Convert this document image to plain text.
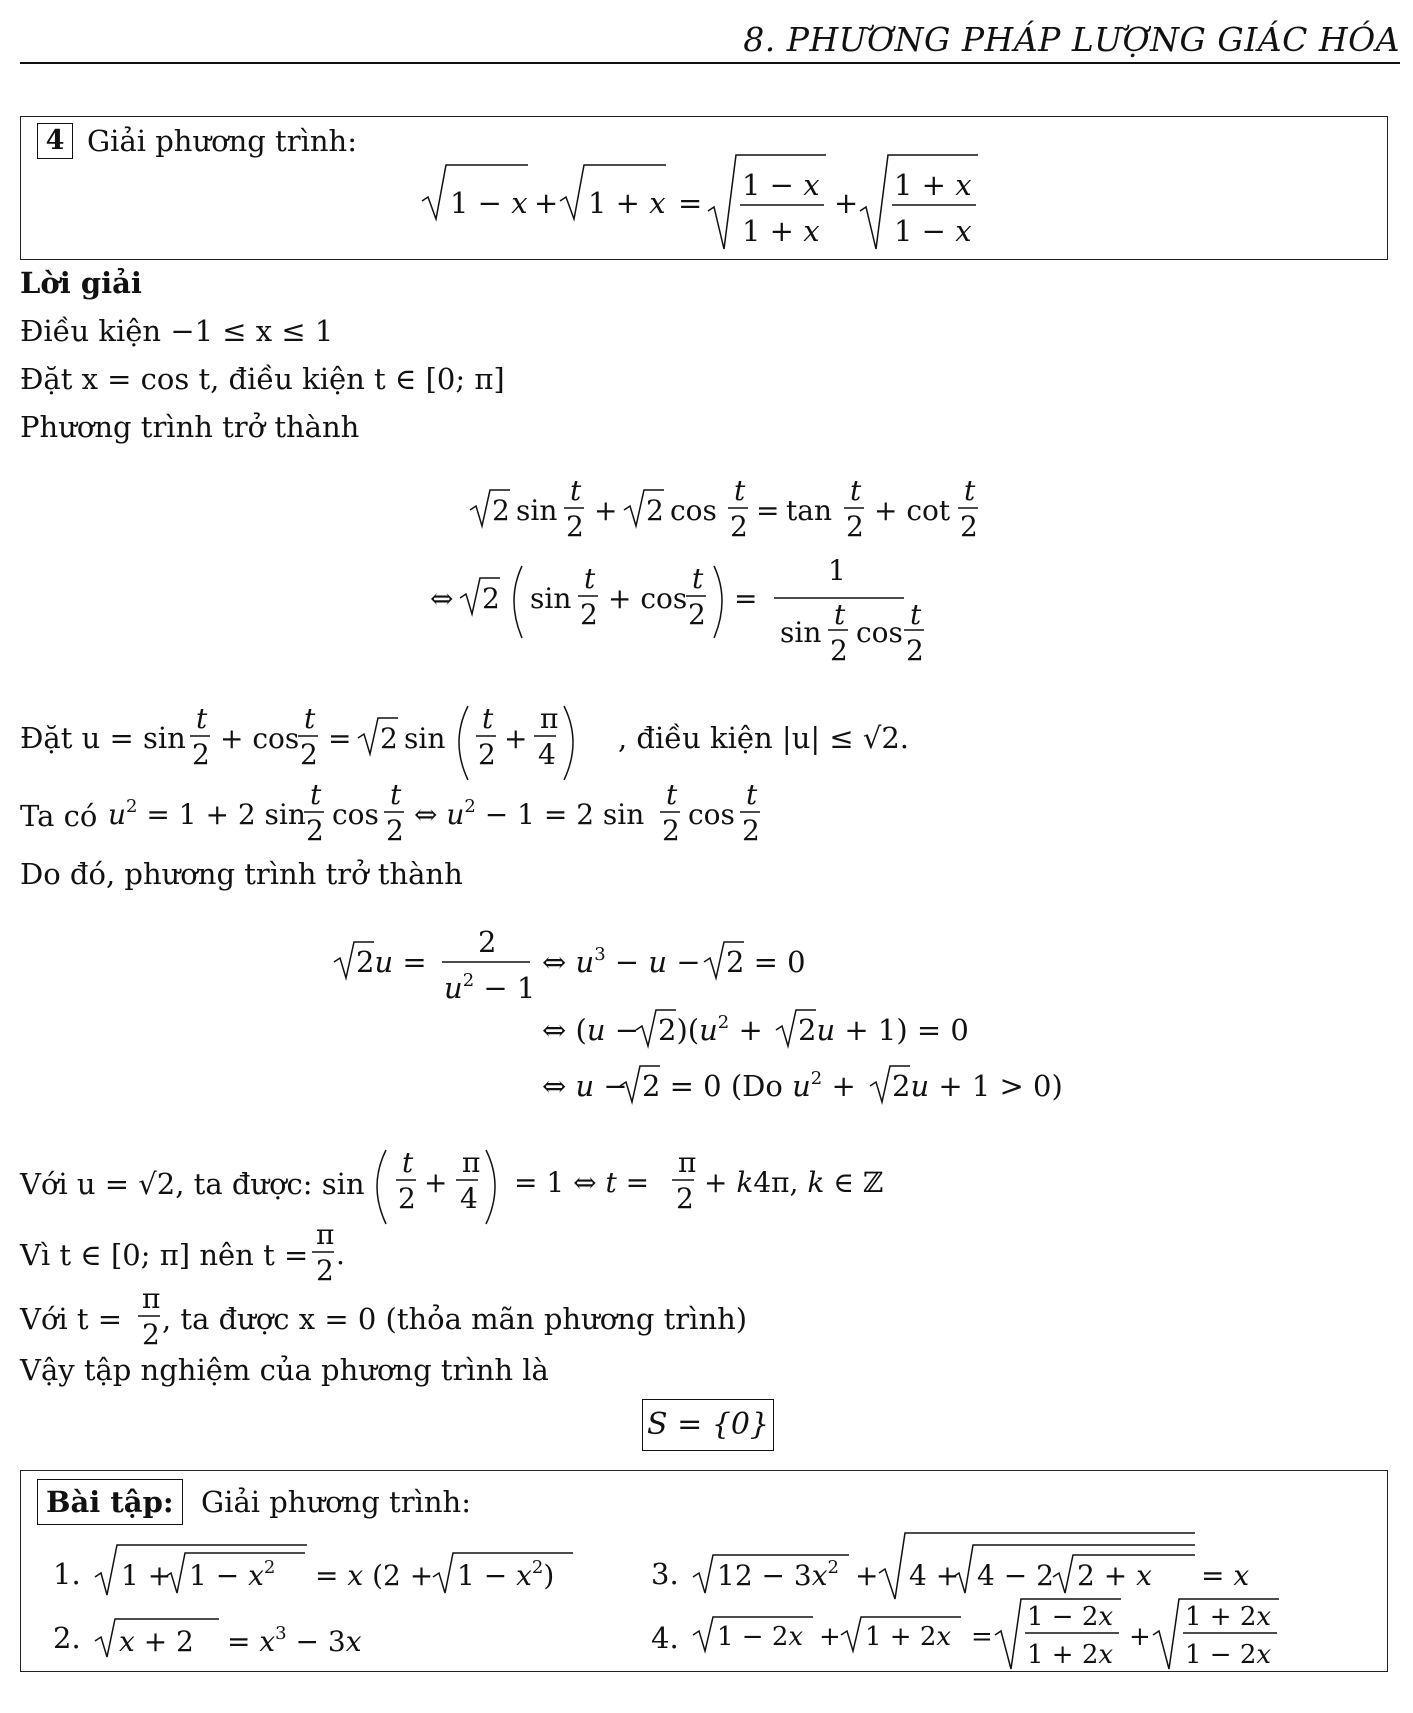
8. PHƯƠNG PHÁP LƯỢNG GIÁC HÓA
4 Giải phương trình:
1 − x + 1 + x =
1 − x
1 + x
+
1 + x
1 − x
Lời giải
Điều kiện −1 ≤ x ≤ 1
Đặt x = cos t, điều kiện t ∈ [0; π]
Phương trình trở thành
2 sin
t
2 + 2 cos
t
2 = tan
t
2 + cot
t
2
⇔ 2 sin
t
2 + cos
t
2 =
1
sin
t
2
cos
t
2
Đặt u = sin
t
2 + cos
t
2 = 2 sin
t
2 +
π
4 , điều kiện |u| ≤ √2.
Ta có $u^2 = 1 + 2$ sin
t
2 cos
t
2 ⇔ $u^2 - 1 = 2$ sin
t
2 cos
t
2
Do đó, phương trình trở thành
2u =
2
$u^2 - 1$
⇔ $u^3 - u - 2 = 0$
⇔ $(u - 2)(u^2 + 2u + 1) = 0$
⇔ u − 2 = 0 (Do $u^2 + 2u + 1 > 0$)
Với u = √2, ta được: sin
t
2 +
π
4 = 1 ⇔ t =
π
2 + k4π, k ∈ ℤ
Vì t ∈ [0; π] nên t =
π
2 .
Với t =
π
2 , ta được x = 0 (thỏa mãn phương trình)
Vậy tập nghiệm của phương trình là
S = {0}
Bài tập: Giải phương trình:
1. $1 + 1 - x^2 = x$ $(2 + 1 - x^2)$
2. $x + 2 = x^3 - 3x$
3. $12 - 3x^2 + 4 + 4 - 2$ 2 + x = x
4. 1 − 2x + 1 + 2x =
1 − 2x
1 + 2x
+
1 + 2x
1 − 2x
